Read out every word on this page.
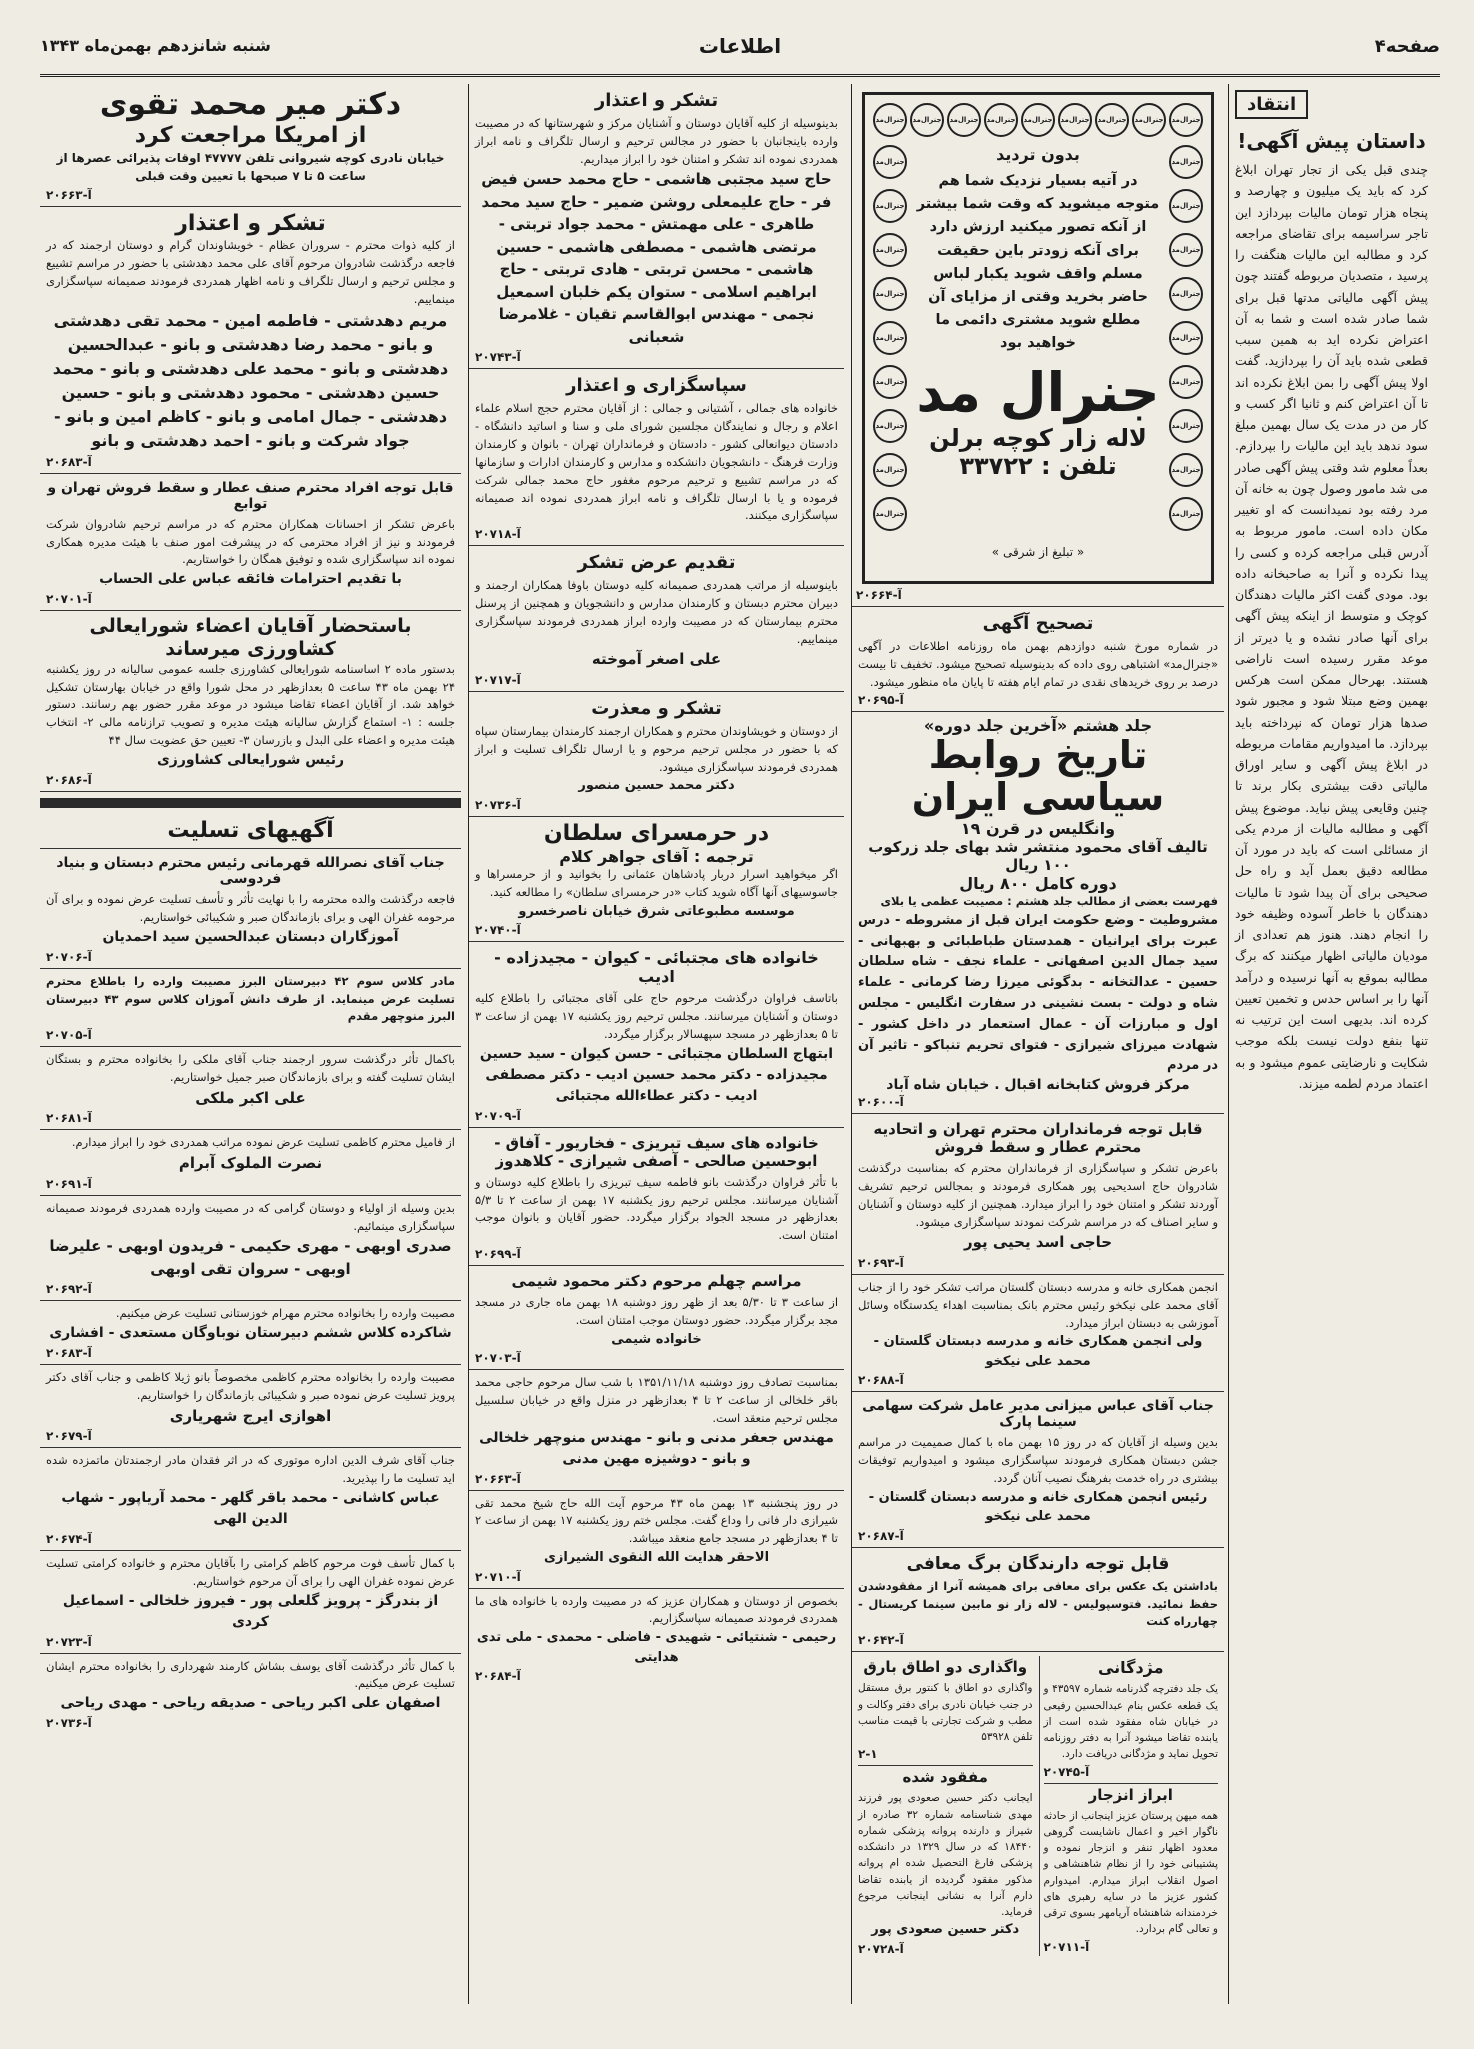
صفحه۴
اطلاعات
شنبه شانزدهم بهمن‌ماه ۱۳۴۳
انتقاد
داستان پیش آگهی!
چندی قبل یکی از تجار تهران ابلاغ کرد که باید یک میلیون و چهارصد و پنجاه هزار تومان مالیات بپردازد این تاجر سراسیمه برای تقاضای مراجعه کرد و مطالبه این مالیات هنگفت را پرسید ، متصدیان مربوطه گفتند چون پیش آگهی مالیاتی مدتها قبل برای شما صادر شده است و شما به آن اعتراض نکرده اید به همین سبب قطعی شده باید آن را بپردازید. گفت اولا پیش آگهی را بمن ابلاغ نکرده اند تا آن اعتراض کنم و ثانیا اگر کسب و کار من در مدت یک سال بهمین مبلغ سود ندهد باید این مالیات را بپردازم. بعداً معلوم شد وقتی پیش آگهی صادر می شد مامور وصول چون به خانه آن مرد رفته بود نمیدانست که او تغییر مکان داده است. مامور مربوط به آدرس قبلی مراجعه کرده و کسی را پیدا نکرده و آنرا به صاحبخانه داده بود. مودی گفت اکثر مالیات دهندگان کوچک و متوسط از اینکه پیش آگهی برای آنها صادر نشده و یا دیرتر از موعد مقرر رسیده است ناراضی هستند. بهرحال ممکن است هرکس بهمین وضع مبتلا شود و مجبور شود صدها هزار تومان که نپرداخته باید بپردازد. ما امیدواریم مقامات مربوطه در ابلاغ پیش آگهی و سایر اوراق مالیاتی دقت بیشتری بکار برند تا چنین وقایعی پیش نیاید. موضوع پیش آگهی و مطالبه مالیات از مردم یکی از مسائلی است که باید در مورد آن مطالعه دقیق بعمل آید و راه حل صحیحی برای آن پیدا شود تا مالیات دهندگان با خاطر آسوده وظیفه خود را انجام دهند. هنوز هم تعدادی از مودیان مالیاتی اظهار میکنند که برگ مطالبه بموقع به آنها نرسیده و درآمد آنها را بر اساس حدس و تخمین تعیین کرده اند. بدیهی است این ترتیب نه تنها بنفع دولت نیست بلکه موجب شکایت و نارضایتی عموم میشود و به اعتماد مردم لطمه میزند.
جنرال‌مد
جنرال‌مد
جنرال‌مد
جنرال‌مد
جنرال‌مد
جنرال‌مد
جنرال‌مد
جنرال‌مد
جنرال‌مد
جنرال‌مد
جنرال‌مد
جنرال‌مد
جنرال‌مد
جنرال‌مد
جنرال‌مد
جنرال‌مد
جنرال‌مد
جنرال‌مد
جنرال‌مد
جنرال‌مد
جنرال‌مد
جنرال‌مد
جنرال‌مد
جنرال‌مد
جنرال‌مد
جنرال‌مد
جنرال‌مد
بدون تردید
در آتیه بسیار نزدیک شما هم متوجه میشوید که وقت شما بیشتر از آنکه تصور میکنید ارزش دارد برای آنکه زودتر باین حقیقت مسلم واقف شوید یکبار لباس حاضر بخرید وقتی از مزایای آن مطلع شوید مشتری دائمی ما خواهید بود
جنرال مد
لاله زار کوچه برلن
تلفن : ۳۳۷۲۲
« تبلیغ از شرقی »
آ-۲۰۶۶۴
تصحیح آگهی
در شماره مورخ شنبه دوازدهم بهمن ماه روزنامه اطلاعات در آگهی «جنرال‌مد» اشتباهی روی داده که بدینوسیله تصحیح میشود. تخفیف تا بیست درصد بر روی خریدهای نقدی در تمام ایام هفته تا پایان ماه منظور میشود.
آ-۲۰۶۹۵
جلد هشتم «آخرین جلد دوره»
تاریخ روابط سیاسی ایران
وانگلیس در قرن ۱۹
تالیف آقای محمود منتشر شد بهای جلد زرکوب ۱۰۰ ریال
دوره کامل ۸۰۰ ریال
فهرست بعضی از مطالب جلد هشتم : مصیبت عظمی یا بلای
مشروطیت - وضع حکومت ایران قبل از مشروطه - درس عبرت برای ایرانیان - همدستان طباطبائی و بهبهانی - سید جمال الدین اصفهانی - علماء نجف - شاه سلطان حسین - عدالتخانه - بدگوئی میرزا رضا کرمانی - علماء شاه و دولت - بست نشینی در سفارت انگلیس - مجلس اول و مبارزات آن - عمال استعمار در داخل کشور - شهادت میرزای شیرازی - فتوای تحریم تنباکو - تاثیر آن در مردم
مرکز فروش کتابخانه اقبال . خیابان شاه آباد
آ-۲۰۶۰۰
قابل توجه فرمانداران محترم تهران و اتحادیه محترم عطار و سقط فروش
باعرض تشکر و سپاسگزاری از فرمانداران محترم که بمناسبت درگذشت شادروان حاج اسدیحیی پور همکاری فرمودند و بمجالس ترحیم تشریف آوردند تشکر و امتنان خود را ابراز میدارد. همچنین از کلیه دوستان و آشنایان و سایر اصناف که در مراسم شرکت نمودند سپاسگزاری میشود.
حاجی اسد یحیی پور
آ-۲۰۶۹۳
انجمن همکاری خانه و مدرسه دبستان گلستان مراتب تشکر خود را از جناب آقای محمد علی نیکخو رئیس محترم بانک بمناسبت اهداء یکدستگاه وسائل آموزشی به دبستان ابراز میدارد.
ولی انجمن همکاری خانه و مدرسه دبستان گلستان - محمد علی نیکخو
آ-۲۰۶۸۸
جناب آقای عباس میزانی مدیر عامل شرکت سهامی سینما پارک
بدین وسیله از آقایان که در روز ۱۵ بهمن ماه با کمال صمیمیت در مراسم جشن دبستان همکاری فرمودند سپاسگزاری میشود و امیدواریم توفیقات بیشتری در راه خدمت بفرهنگ نصیب آنان گردد.
رئیس انجمن همکاری خانه و مدرسه دبستان گلستان - محمد علی نیکخو
آ-۲۰۶۸۷
قابل توجه دارندگان برگ معافی
باداشتن یک عکس برای معافی برای همیشه آنرا از مفقودشدن حفظ نمائید. فتوسپولیس - لاله زار نو مابین سینما کریستال - چهارراه کنت
آ-۲۰۶۴۲
مژدگانی
یک جلد دفترچه گذرنامه شماره ۴۳۵۹۷ و یک قطعه عکس بنام عبدالحسین رفیعی در خیابان شاه مفقود شده است از یابنده تقاضا میشود آنرا به دفتر روزنامه تحویل نماید و مژدگانی دریافت دارد.
آ-۲۰۷۴۵
ابراز انزجار
همه میهن پرستان عزیز اینجانب از حادثه ناگوار اخیر و اعمال ناشایست گروهی معدود اظهار تنفر و انزجار نموده و پشتیبانی خود را از نظام شاهنشاهی و اصول انقلاب ابراز میدارم. امیدوارم کشور عزیز ما در سایه رهبری های خردمندانه شاهنشاه آریامهر بسوی ترقی و تعالی گام بردارد.
آ-۲۰۷۱۱
واگذاری دو اطاق بارق
واگذاری دو اطاق با کنتور برق مستقل در جنب خیابان نادری برای دفتر وکالت و مطب و شرکت تجارتی با قیمت مناسب تلفن ۵۳۹۲۸
۲-۱
مفقود شده
ایجانب دکتر حسین صعودی پور فرزند مهدی شناسنامه شماره ۳۲ صادره از شیراز و دارنده پروانه پزشکی شماره ۱۸۴۴۰ که در سال ۱۳۲۹ در دانشکده پزشکی فارغ التحصیل شده ام پروانه مذکور مفقود گردیده از یابنده تقاضا دارم آنرا به نشانی اینجانب مرجوع فرماید.
دکتر حسین صعودی پور
آ-۲۰۷۲۸
تشکر و اعتذار
بدینوسیله از کلیه آقایان دوستان و آشنایان مرکز و شهرستانها که در مصیبت وارده باینجانبان با حضور در مجالس ترحیم و ارسال تلگراف و نامه ابراز همدردی نموده اند تشکر و امتنان خود را ابراز میداریم.
حاج سید مجتبی هاشمی - حاج محمد حسن فیض فر - حاج علیمعلی روشن ضمیر - حاج سید محمد طاهری - علی مهمتش - محمد جواد تربتی - مرتضی هاشمی - مصطفی هاشمی - حسین هاشمی - محسن تربتی - هادی تربتی - حاج ابراهیم اسلامی - ستوان یکم خلبان اسمعیل نجمی - مهندس ابوالقاسم تقیان - غلامرضا شعبانی
آ-۲۰۷۴۳
سپاسگزاری و اعتذار
خانواده های جمالی ، آشتیانی و جمالی : از آقایان محترم حجج اسلام علماء اعلام و رجال و نمایندگان مجلسین شورای ملی و سنا و اساتید دانشگاه - دادستان دیوانعالی کشور - دادستان و فرمانداران تهران - بانوان و کارمندان وزارت فرهنگ - دانشجویان دانشکده و مدارس و کارمندان ادارات و سازمانها که در مراسم تشییع و ترحیم مرحوم مغفور حاج محمد جمالی شرکت فرموده و یا با ارسال تلگراف و نامه ابراز همدردی نموده اند صمیمانه سپاسگزاری میکنند.
آ-۲۰۷۱۸
تقدیم عرض تشکر
باینوسیله از مراتب همدردی صمیمانه کلیه دوستان باوفا همکاران ارجمند و دبیران محترم دبستان و کارمندان مدارس و دانشجویان و همچنین از پرسنل محترم بیمارستان که در مصیبت وارده ابراز همدردی فرمودند سپاسگزاری مینماییم.
علی اصغر آموخته
آ-۲۰۷۱۷
تشکر و معذرت
از دوستان و خویشاوندان محترم و همکاران ارجمند کارمندان بیمارستان سپاه که با حضور در مجلس ترحیم مرحوم و یا ارسال تلگراف تسلیت و ابراز همدردی فرمودند سپاسگزاری میشود.
دکتر محمد حسین منصور
آ-۲۰۷۳۶
در حرمسرای سلطان
ترجمه : آقای جواهر کلام
اگر میخواهید اسرار دربار پادشاهان عثمانی را بخوانید و از حرمسراها و جاسوسیهای آنها آگاه شوید کتاب «در حرمسرای سلطان» را مطالعه کنید.
موسسه مطبوعاتی شرق خیابان ناصرخسرو
آ-۲۰۷۴۰
خانواده های مجتبائی - کیوان - مجیدزاده - ادیب
باتاسف فراوان درگذشت مرحوم حاج علی آقای مجتبائی را باطلاع کلیه دوستان و آشنایان میرسانند. مجلس ترحیم روز یکشنبه ۱۷ بهمن از ساعت ۳ تا ۵ بعدازظهر در مسجد سپهسالار برگزار میگردد.
ابتهاج السلطان مجتبائی - حسن کیوان - سید حسین مجیدزاده - دکتر محمد حسین ادیب - دکتر مصطفی ادیب - دکتر عطاءالله مجتبائی
آ-۲۰۷۰۹
خانواده های سیف تبریزی - فخاریور - آفاق - ابوحسین صالحی - آصفی شیرازی - کلاهدوز
با تأثر فراوان درگذشت بانو فاطمه سیف تبریزی را باطلاع کلیه دوستان و آشنایان میرسانند. مجلس ترحیم روز یکشنبه ۱۷ بهمن از ساعت ۲ تا ۵/۳ بعدازظهر در مسجد الجواد برگزار میگردد. حضور آقایان و بانوان موجب امتنان است.
آ-۲۰۶۹۹
مراسم چهلم مرحوم دکتر محمود شیمی
از ساعت ۳ تا ۵/۳۰ بعد از ظهر روز دوشنبه ۱۸ بهمن ماه جاری در مسجد مجد برگزار میگردد. حضور دوستان موجب امتنان است.
خانواده شیمی
آ-۲۰۷۰۳
بمناسبت تصادف روز دوشنبه ۱۳۵۱/۱۱/۱۸ با شب سال مرحوم حاجی محمد باقر خلخالی از ساعت ۲ تا ۴ بعدازظهر در منزل واقع در خیابان سلسبیل مجلس ترحیم منعقد است.
مهندس جعفر مدنی و بانو - مهندس منوچهر خلخالی و بانو - دوشیزه مهین مدنی
آ-۲۰۶۶۳
در روز پنجشنبه ۱۳ بهمن ماه ۴۳ مرحوم آیت الله حاج شیخ محمد تقی شیرازی دار فانی را وداع گفت. مجلس ختم روز یکشنبه ۱۷ بهمن از ساعت ۲ تا ۴ بعدازظهر در مسجد جامع منعقد میباشد.
الاحقر هدایت الله النقوی الشیرازی
آ-۲۰۷۱۰
بخصوص از دوستان و همکاران عزیز که در مصیبت وارده با خانواده های ما همدردی فرمودند صمیمانه سپاسگزاریم.
رحیمی - شنتیائی - شهیدی - فاضلی - محمدی - ملی تدی هدایتی
آ-۲۰۶۸۴
دکتر میر محمد تقوی
از امریکا مراجعت کرد
خیابان نادری کوچه شیروانی تلفن ۴۷۷۷۷ اوقات پذیرائی عصرها از ساعت ۵ تا ۷ صبحها با تعیین وقت قبلی
آ-۲۰۶۶۳
تشکر و اعتذار
از کلیه ذوات محترم - سروران عظام - خویشاوندان گرام و دوستان ارجمند که در فاجعه درگذشت شادروان مرحوم آقای علی محمد دهدشتی با حضور در مراسم تشییع و مجلس ترحیم و ارسال تلگراف و نامه اظهار همدردی فرمودند صمیمانه سپاسگزاری مینماییم.
مریم دهدشتی - فاطمه امین - محمد تقی دهدشتی و بانو - محمد رضا دهدشتی و بانو - عبدالحسین دهدشتی و بانو - محمد علی دهدشتی و بانو - محمد حسین دهدشتی - محمود دهدشتی و بانو - حسین دهدشتی - جمال امامی و بانو - کاظم امین و بانو - جواد شرکت و بانو - احمد دهدشتی و بانو
آ-۲۰۶۸۳
قابل توجه افراد محترم صنف عطار و سقط فروش تهران و توابع
باعرض تشکر از احسانات همکاران محترم که در مراسم ترحیم شادروان شرکت فرمودند و نیز از افراد محترمی که در پیشرفت امور صنف با هیئت مدیره همکاری نموده اند سپاسگزاری شده و توفیق همگان را خواستاریم.
با تقدیم احترامات فائقه عباس علی الحساب
آ-۲۰۷۰۱
باستحضار آقایان اعضاء شورایعالی کشاورزی میرساند
بدستور ماده ۲ اساسنامه شورایعالی کشاورزی جلسه عمومی سالیانه در روز یکشنبه ۲۴ بهمن ماه ۴۳ ساعت ۵ بعدازظهر در محل شورا واقع در خیابان بهارستان تشکیل خواهد شد. از آقایان اعضاء تقاضا میشود در موعد مقرر حضور بهم رسانند. دستور جلسه : ۱- استماع گزارش سالیانه هیئت مدیره و تصویب ترازنامه مالی ۲- انتخاب هیئت مدیره و اعضاء علی البدل و بازرسان ۳- تعیین حق عضویت سال ۴۴
رئیس شورایعالی کشاورزی
آ-۲۰۶۸۶
آگهیهای تسلیت
جناب آقای نصرالله قهرمانی رئیس محترم دبستان و بنیاد فردوسی
فاجعه درگذشت والده محترمه را با نهایت تأثر و تأسف تسلیت عرض نموده و برای آن مرحومه غفران الهی و برای بازماندگان صبر و شکیبائی خواستاریم.
آموزگاران دبستان عبدالحسین سید احمدیان
آ-۲۰۷۰۶
مادر کلاس سوم ۴۲ دبیرستان البرز مصیبت وارده را باطلاع محترم تسلیت عرض مینماید. از طرف دانش آموزان کلاس سوم ۴۳ دبیرستان البرز منوچهر مقدم
آ-۲۰۷۰۵
باکمال تأثر درگذشت سرور ارجمند جناب آقای ملکی را بخانواده محترم و بستگان ایشان تسلیت گفته و برای بازماندگان صبر جمیل خواستاریم.
علی اکبر ملکی
آ-۲۰۶۸۱
از فامیل محترم کاظمی تسلیت عرض نموده مراتب همدردی خود را ابراز میدارم.
نصرت الملوک آبرام
آ-۲۰۶۹۱
بدین وسیله از اولیاء و دوستان گرامی که در مصیبت وارده همدردی فرمودند صمیمانه سپاسگزاری مینمائیم.
صدری اوبهی - مهری حکیمی - فریدون اوبهی - علیرضا اوبهی - سروان تقی اوبهی
آ-۲۰۶۹۲
مصیبت وارده را بخانواده محترم مهرام خوزستانی تسلیت عرض میکنیم.
شاکرده کلاس ششم دبیرستان نوباوگان مستعدی - افشاری
آ-۲۰۶۸۳
مصیبت وارده را بخانواده محترم کاظمی مخصوصاً بانو ژیلا کاظمی و جناب آقای دکتر پرویز تسلیت عرض نموده صبر و شکیبائی بازماندگان را خواستاریم.
اهوازی ایرج شهریاری
آ-۲۰۶۷۹
جناب آقای شرف الدین اداره موتوری که در اثر فقدان مادر ارجمندتان ماتمزده شده اید تسلیت ما را بپذیرید.
عباس کاشانی - محمد باقر گلهر - محمد آریاپور - شهاب الدین الهی
آ-۲۰۶۷۴
با کمال تأسف فوت مرحوم کاظم کرامتی را بآقایان محترم و خانواده کرامتی تسلیت عرض نموده غفران الهی را برای آن مرحوم خواستاریم.
از بندرگز - پرویز گلعلی پور - فیروز خلخالی - اسماعیل کردی
آ-۲۰۷۲۳
با کمال تأثر درگذشت آقای یوسف بشاش کارمند شهرداری را بخانواده محترم ایشان تسلیت عرض میکنیم.
اصفهان علی اکبر ریاحی - صدیقه ریاحی - مهدی ریاحی
آ-۲۰۷۳۶
